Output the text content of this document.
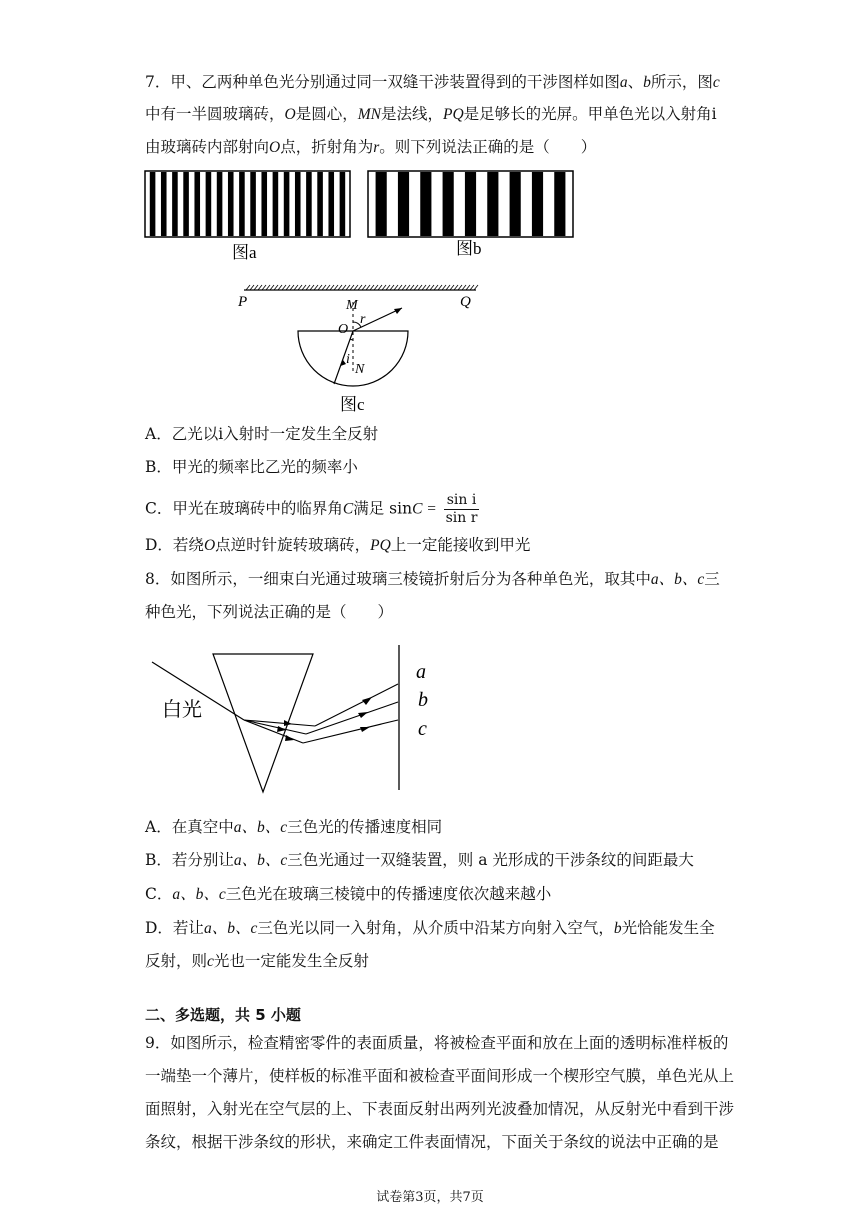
7．甲、乙两种单色光分别通过同一双缝干涉装置得到的干涉图样如图a、b所示，图c
中有一半圆玻璃砖，O是圆心，MN是法线，PQ是足够长的光屏。甲单色光以入射角i
由玻璃砖内部射向O点，折射角为r。则下列说法正确的是（　　）
图a	图b
P	Q
M
O
r
i
N
图c
A．乙光以i入射时一定发生全反射
B．甲光的频率比乙光的频率小
C．甲光在玻璃砖中的临界角C满足 $\sin C = \frac{\text{sin i}}{\text{sin r}}$
D．若绕O点逆时针旋转玻璃砖，PQ上一定能接收到甲光
8．如图所示，一细束白光通过玻璃三棱镜折射后分为各种单色光，取其中a、b、c三
种色光，下列说法正确的是（　　）
白光
a
b
c
A．在真空中a、b、c三色光的传播速度相同
B．若分别让a、b、c三色光通过一双缝装置，则 a 光形成的干涉条纹的间距最大
C．a、b、c三色光在玻璃三棱镜中的传播速度依次越来越小
D．若让a、b、c三色光以同一入射角，从介质中沿某方向射入空气，b光恰能发生全
反射，则c光也一定能发生全反射
二、多选题，共 5 小题
9．如图所示，检查精密零件的表面质量，将被检查平面和放在上面的透明标准样板的
一端垫一个薄片，使样板的标准平面和被检查平面间形成一个楔形空气膜，单色光从上
面照射，入射光在空气层的上、下表面反射出两列光波叠加情况，从反射光中看到干涉
条纹，根据干涉条纹的形状，来确定工件表面情况，下面关于条纹的说法中正确的是
试卷第3页，共7页
